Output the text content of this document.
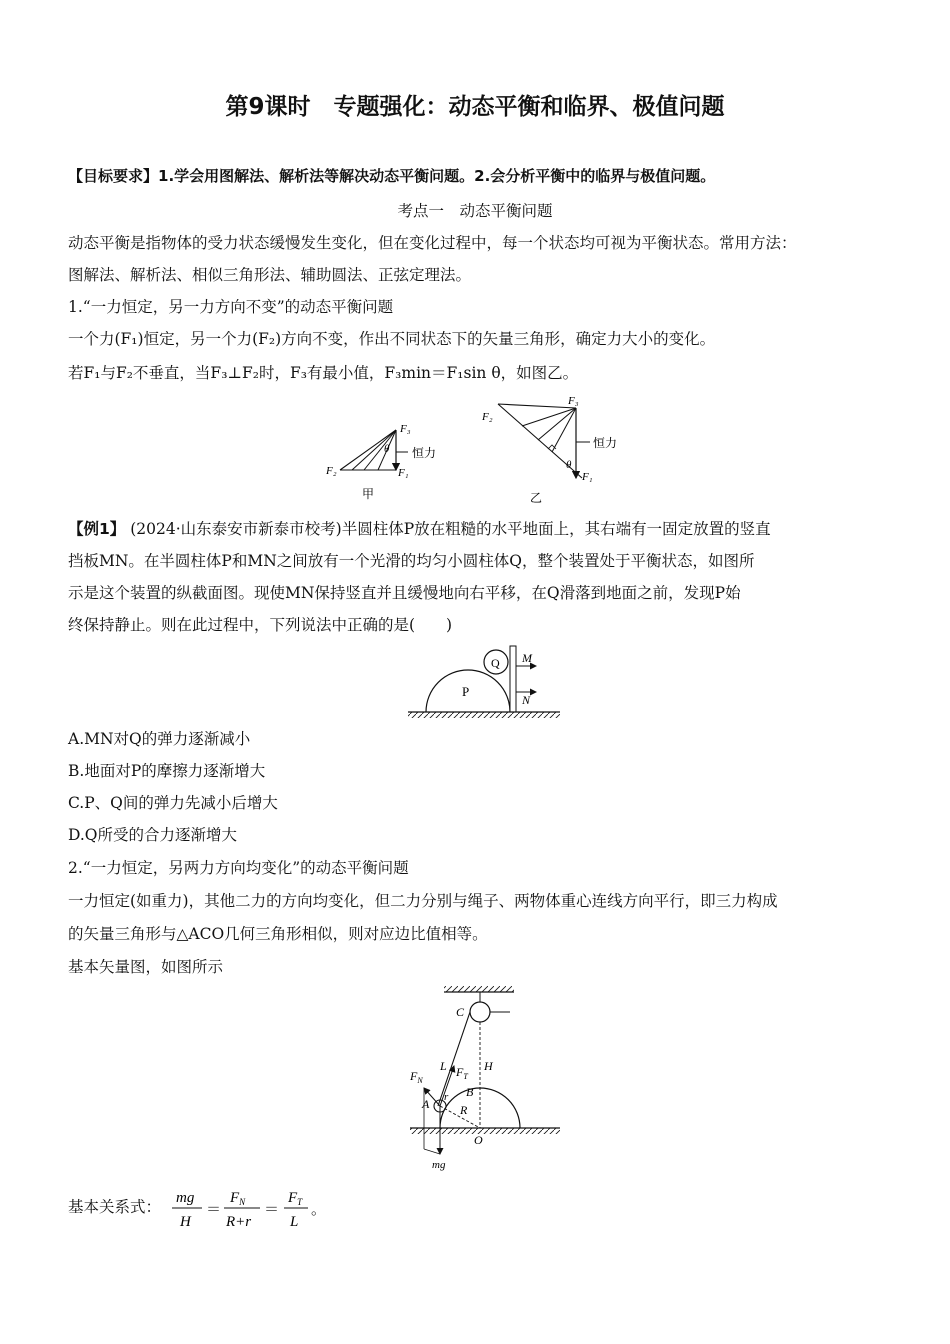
第9课时　专题强化：动态平衡和临界、极值问题
【目标要求】1.学会用图解法、解析法等解决动态平衡问题。2.会分析平衡中的临界与极值问题。
考点一　动态平衡问题
动态平衡是指物体的受力状态缓慢发生变化，但在变化过程中，每一个状态均可视为平衡状态。常用方法：
图解法、解析法、相似三角形法、辅助圆法、正弦定理法。
1.“一力恒定，另一力方向不变”的动态平衡问题
一个力(F₁)恒定，另一个力(F₂)方向不变，作出不同状态下的矢量三角形，确定力大小的变化。
若F₁与F₂不垂直，当F₃⊥F₂时，F₃有最小值，F₃min＝F₁sin θ，如图乙。
F₃
θ 恒力
F₂	F₁
甲
F₃
F₂
恒力
θ
F₁
乙
【例1】 (2024·山东泰安市新泰市校考)半圆柱体P放在粗糙的水平地面上，其右端有一固定放置的竖直
挡板MN。在半圆柱体P和MN之间放有一个光滑的均匀小圆柱体Q，整个装置处于平衡状态，如图所
示是这个装置的纵截面图。现使MN保持竖直并且缓慢地向右平移，在Q滑落到地面之前，发现P始
终保持静止。则在此过程中，下列说法中正确的是(　　)
P
Q M
N
A.MN对Q的弹力逐渐减小
B.地面对P的摩擦力逐渐增大
C.P、Q间的弹力先减小后增大
D.Q所受的合力逐渐增大
2.“一力恒定，另两力方向均变化”的动态平衡问题
一力恒定(如重力)，其他二力的方向均变化，但二力分别与绳子、两物体重心连线方向平行，即三力构成
的矢量三角形与△ACO几何三角形相似，则对应边比值相等。
基本矢量图，如图所示
C
L $F_T$
H
$F_N$
r B
A	R
O
mg
基本关系式： mg
H
＝
$F_N$
R+r
＝
$F_T$
L
。
